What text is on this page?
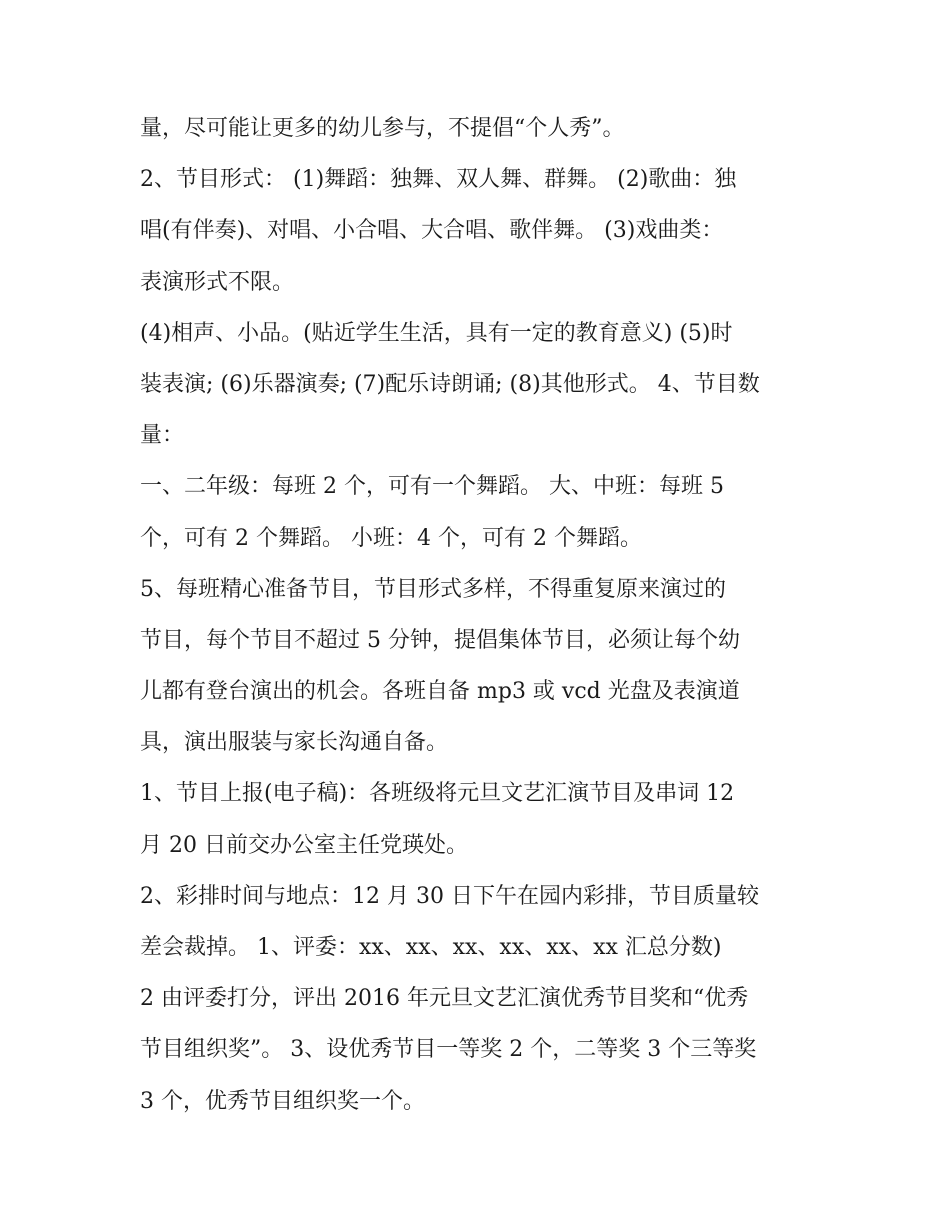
量，尽可能让更多的幼儿参与，不提倡“个人秀”。
2、节目形式： (1)舞蹈：独舞、双人舞、群舞。 (2)歌曲：独
唱(有伴奏)、对唱、小合唱、大合唱、歌伴舞。 (3)戏曲类：
表演形式不限。
(4)相声、小品。(贴近学生生活，具有一定的教育意义) (5)时
装表演; (6)乐器演奏; (7)配乐诗朗诵; (8)其他形式。 4、节目数
量：
一、二年级：每班 2 个，可有一个舞蹈。 大、中班：每班 5
个，可有 2 个舞蹈。 小班：4 个，可有 2 个舞蹈。
5、每班精心准备节目，节目形式多样，不得重复原来演过的
节目，每个节目不超过 5 分钟，提倡集体节目，必须让每个幼
儿都有登台演出的机会。各班自备 mp3 或 vcd 光盘及表演道
具，演出服装与家长沟通自备。
1、节目上报(电子稿)：各班级将元旦文艺汇演节目及串词 12
月 20 日前交办公室主任党瑛处。
2、彩排时间与地点：12 月 30 日下午在园内彩排，节目质量较
差会裁掉。 1、评委：xx、xx、xx、xx、xx、xx 汇总分数)
2 由评委打分，评出 2016 年元旦文艺汇演优秀节目奖和“优秀
节目组织奖”。 3、设优秀节目一等奖 2 个，二等奖 3 个三等奖
3 个，优秀节目组织奖一个。
